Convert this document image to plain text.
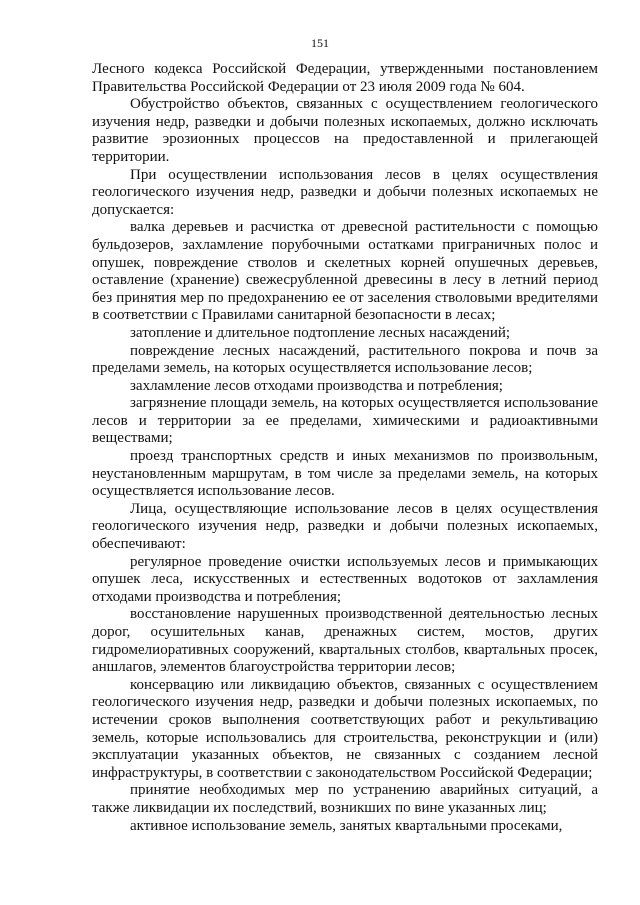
151

Лесного кодекса Российской Федерации, утвержденными постановлением Правительства Российской Федерации от 23 июля 2009 года № 604.

Обустройство объектов, связанных с осуществлением геологического изучения недр, разведки и добычи полезных ископаемых, должно исключать развитие эрозионных процессов на предоставленной и прилегающей территории.

При осуществлении использования лесов в целях осуществления геологического изучения недр, разведки и добычи полезных ископаемых не допускается:

валка деревьев и расчистка от древесной растительности с помощью бульдозеров, захламление порубочными остатками приграничных полос и опушек, повреждение стволов и скелетных корней опушечных деревьев, оставление (хранение) свежесрубленной древесины в лесу в летний период без принятия мер по предохранению ее от заселения стволовыми вредителями в соответствии с Правилами санитарной безопасности в лесах;

затопление и длительное подтопление лесных насаждений;

повреждение лесных насаждений, растительного покрова и почв за пределами земель, на которых осуществляется использование лесов;

захламление лесов отходами производства и потребления;

загрязнение площади земель, на которых осуществляется использование лесов и территории за ее пределами, химическими и радиоактивными веществами;

проезд транспортных средств и иных механизмов по произвольным, неустановленным маршрутам, в том числе за пределами земель, на которых осуществляется использование лесов.

Лица, осуществляющие использование лесов в целях осуществления геологического изучения недр, разведки и добычи полезных ископаемых, обеспечивают:

регулярное проведение очистки используемых лесов и примыкающих опушек леса, искусственных и естественных водотоков от захламления отходами производства и потребления;

восстановление нарушенных производственной деятельностью лесных дорог, осушительных канав, дренажных систем, мостов, других гидромелиоративных сооружений, квартальных столбов, квартальных просек, аншлагов, элементов благоустройства территории лесов;

консервацию или ликвидацию объектов, связанных с осуществлением геологического изучения недр, разведки и добычи полезных ископаемых, по истечении сроков выполнения соответствующих работ и рекультивацию земель, которые использовались для строительства, реконструкции и (или) эксплуатации указанных объектов, не связанных с созданием лесной инфраструктуры, в соответствии с законодательством Российской Федерации;

принятие необходимых мер по устранению аварийных ситуаций, а также ликвидации их последствий, возникших по вине указанных лиц;

активное использование земель, занятых квартальными просеками,
